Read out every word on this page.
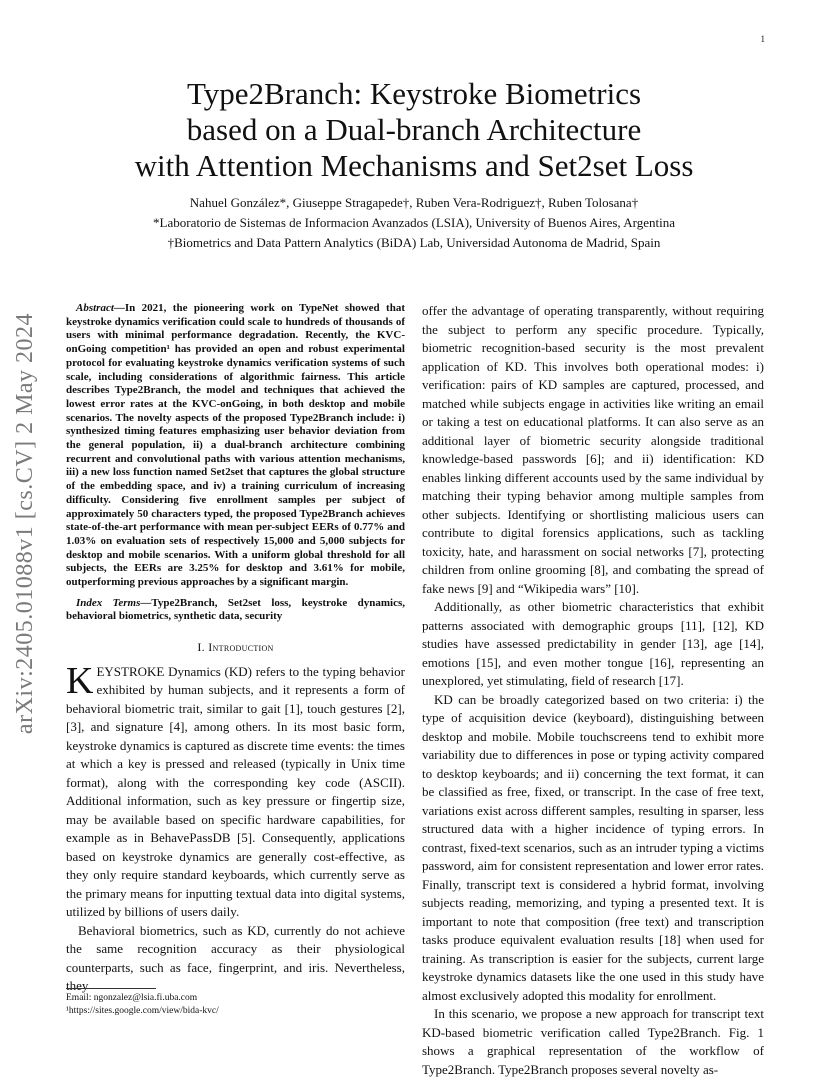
1
arXiv:2405.01088v1 [cs.CV] 2 May 2024
Type2Branch: Keystroke Biometrics
based on a Dual-branch Architecture
with Attention Mechanisms and Set2set Loss
Nahuel González*, Giuseppe Stragapede†, Ruben Vera-Rodriguez†, Ruben Tolosana†
*Laboratorio de Sistemas de Informacion Avanzados (LSIA), University of Buenos Aires, Argentina
†Biometrics and Data Pattern Analytics (BiDA) Lab, Universidad Autonoma de Madrid, Spain

Abstract—In 2021, the pioneering work on TypeNet showed that keystroke dynamics verification could scale to hundreds of thousands of users with minimal performance degradation. Recently, the KVC-onGoing competition¹ has provided an open and robust experimental protocol for evaluating keystroke dynamics verification systems of such scale, including considerations of algorithmic fairness. This article describes Type2Branch, the model and techniques that achieved the lowest error rates at the KVC-onGoing, in both desktop and mobile scenarios. The novelty aspects of the proposed Type2Branch include: i) synthesized timing features emphasizing user behavior deviation from the general population, ii) a dual-branch architecture combining recurrent and convolutional paths with various attention mechanisms, iii) a new loss function named Set2set that captures the global structure of the embedding space, and iv) a training curriculum of increasing difficulty. Considering five enrollment samples per subject of approximately 50 characters typed, the proposed Type2Branch achieves state-of-the-art performance with mean per-subject EERs of 0.77% and 1.03% on evaluation sets of respectively 15,000 and 5,000 subjects for desktop and mobile scenarios. With a uniform global threshold for all subjects, the EERs are 3.25% for desktop and 3.61% for mobile, outperforming previous approaches by a significant margin.

Index Terms—Type2Branch, Set2set loss, keystroke dynamics, behavioral biometrics, synthetic data, security

I. Introduction

KEYSTROKE Dynamics (KD) refers to the typing behavior exhibited by human subjects, and it represents a form of behavioral biometric trait, similar to gait [1], touch gestures [2], [3], and signature [4], among others. In its most basic form, keystroke dynamics is captured as discrete time events: the times at which a key is pressed and released (typically in Unix time format), along with the corresponding key code (ASCII). Additional information, such as key pressure or fingertip size, may be available based on specific hardware capabilities, for example as in BehavePassDB [5]. Consequently, applications based on keystroke dynamics are generally cost-effective, as they only require standard keyboards, which currently serve as the primary means for inputting textual data into digital systems, utilized by billions of users daily.

Behavioral biometrics, such as KD, currently do not achieve the same recognition accuracy as their physiological counterparts, such as face, fingerprint, and iris. Nevertheless, they

offer the advantage of operating transparently, without requiring the subject to perform any specific procedure. Typically, biometric recognition-based security is the most prevalent application of KD. This involves both operational modes: i) verification: pairs of KD samples are captured, processed, and matched while subjects engage in activities like writing an email or taking a test on educational platforms. It can also serve as an additional layer of biometric security alongside traditional knowledge-based passwords [6]; and ii) identification: KD enables linking different accounts used by the same individual by matching their typing behavior among multiple samples from other subjects. Identifying or shortlisting malicious users can contribute to digital forensics applications, such as tackling toxicity, hate, and harassment on social networks [7], protecting children from online grooming [8], and combating the spread of fake news [9] and “Wikipedia wars” [10].

Additionally, as other biometric characteristics that exhibit patterns associated with demographic groups [11], [12], KD studies have assessed predictability in gender [13], age [14], emotions [15], and even mother tongue [16], representing an unexplored, yet stimulating, field of research [17].

KD can be broadly categorized based on two criteria: i) the type of acquisition device (keyboard), distinguishing between desktop and mobile. Mobile touchscreens tend to exhibit more variability due to differences in pose or typing activity compared to desktop keyboards; and ii) concerning the text format, it can be classified as free, fixed, or transcript. In the case of free text, variations exist across different samples, resulting in sparser, less structured data with a higher incidence of typing errors. In contrast, fixed-text scenarios, such as an intruder typing a victims password, aim for consistent representation and lower error rates. Finally, transcript text is considered a hybrid format, involving subjects reading, memorizing, and typing a presented text. It is important to note that composition (free text) and transcription tasks produce equivalent evaluation results [18] when used for training. As transcription is easier for the subjects, current large keystroke dynamics datasets like the one used in this study have almost exclusively adopted this modality for enrollment.

In this scenario, we propose a new approach for transcript text KD-based biometric verification called Type2Branch. Fig. 1 shows a graphical representation of the workflow of Type2Branch. Type2Branch proposes several novelty as-

Email: ngonzalez@lsia.fi.uba.com
¹https://sites.google.com/view/bida-kvc/
